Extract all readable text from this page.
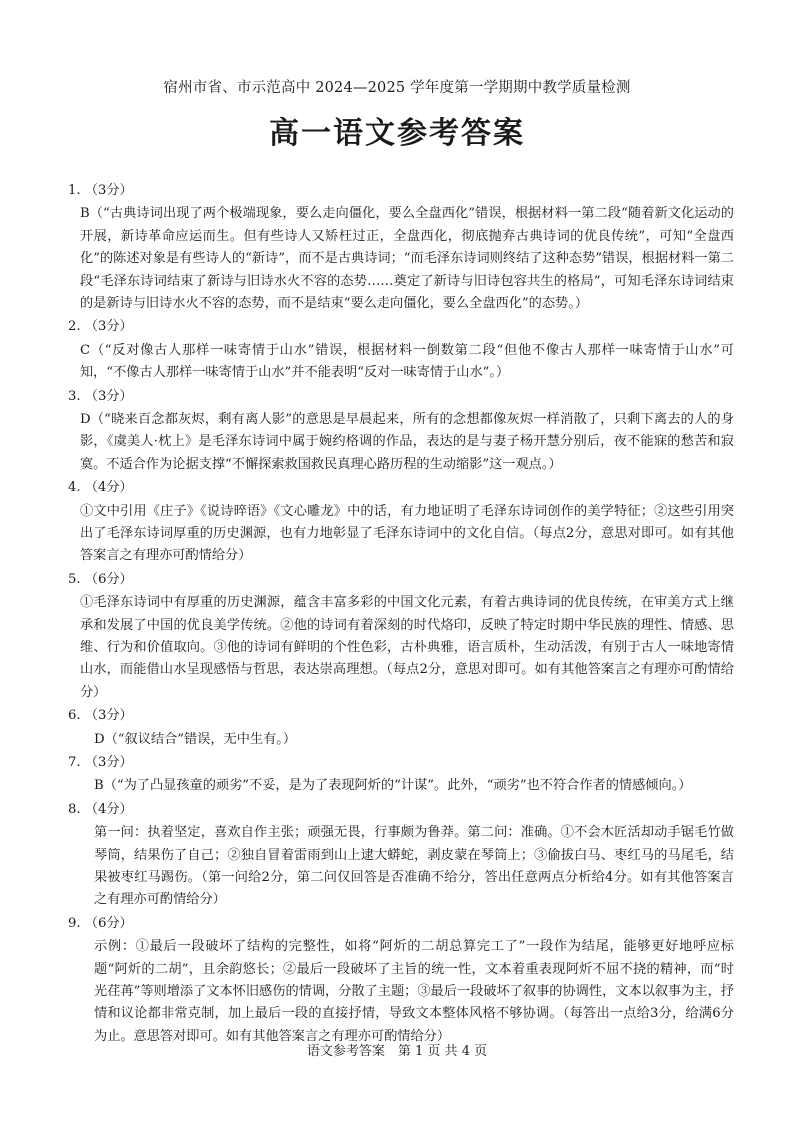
宿州市省、市示范高中 2024—2025 学年度第一学期期中教学质量检测
高一语文参考答案
1. （3分）
B（“古典诗词出现了两个极端现象，要么走向僵化，要么全盘西化”错误，根据材料一第二段“随着新文化运动的开展，新诗革命应运而生。但有些诗人又矫枉过正，全盘西化，彻底抛弃古典诗词的优良传统”，可知“全盘西化”的陈述对象是有些诗人的“新诗”，而不是古典诗词；“而毛泽东诗词则终结了这种态势”错误，根据材料一第二段“毛泽东诗词结束了新诗与旧诗水火不容的态势……奠定了新诗与旧诗包容共生的格局”，可知毛泽东诗词结束的是新诗与旧诗水火不容的态势，而不是结束“要么走向僵化，要么全盘西化”的态势。）
2. （3分）
C（“反对像古人那样一味寄情于山水”错误，根据材料一倒数第二段“但他不像古人那样一味寄情于山水”可知，“不像古人那样一味寄情于山水”并不能表明“反对一味寄情于山水”。）
3. （3分）
D（“晓来百念都灰烬，剩有离人影”的意思是早晨起来，所有的念想都像灰烬一样消散了，只剩下离去的人的身影，《虞美人·枕上》是毛泽东诗词中属于婉约格调的作品，表达的是与妻子杨开慧分别后，夜不能寐的愁苦和寂寞。不适合作为论据支撑“不懈探索救国救民真理心路历程的生动缩影”这一观点。）
4. （4分）
①文中引用《庄子》《说诗晬语》《文心雕龙》中的话，有力地证明了毛泽东诗词创作的美学特征；②这些引用突出了毛泽东诗词厚重的历史渊源，也有力地彰显了毛泽东诗词中的文化自信。（每点2分，意思对即可。如有其他答案言之有理亦可酌情给分）
5. （6分）
①毛泽东诗词中有厚重的历史渊源，蕴含丰富多彩的中国文化元素，有着古典诗词的优良传统，在审美方式上继承和发展了中国的优良美学传统。②他的诗词有着深刻的时代烙印，反映了特定时期中华民族的理性、情感、思维、行为和价值取向。③他的诗词有鲜明的个性色彩，古朴典雅，语言质朴，生动活泼，有别于古人一味地寄情山水，而能借山水呈现感悟与哲思，表达崇高理想。（每点2分，意思对即可。如有其他答案言之有理亦可酌情给分）
6. （3分）
D（“叙议结合”错误，无中生有。）
7. （3分）
B（“为了凸显孩童的顽劣”不妥，是为了表现阿炘的“计谋”。此外，“顽劣”也不符合作者的情感倾向。）
8. （4分）
第一问：执着坚定，喜欢自作主张；顽强无畏，行事颇为鲁莽。第二问：准确。①不会木匠活却动手锯毛竹做琴筒，结果伤了自己；②独自冒着雷雨到山上逮大蟒蛇，剥皮蒙在琴筒上；③偷拔白马、枣红马的马尾毛，结果被枣红马踢伤。（第一问给2分，第二问仅回答是否准确不给分，答出任意两点分析给4分。如有其他答案言之有理亦可酌情给分）
9. （6分）
示例：①最后一段破坏了结构的完整性，如将“阿炘的二胡总算完工了”一段作为结尾，能够更好地呼应标题“阿炘的二胡”，且余韵悠长；②最后一段破坏了主旨的统一性，文本着重表现阿炘不屈不挠的精神，而“时光荏苒”等则增添了文本怀旧感伤的情调，分散了主题；③最后一段破坏了叙事的协调性，文本以叙事为主，抒情和议论都非常克制，加上最后一段的直接抒情，导致文本整体风格不够协调。（每答出一点给3分，给满6分为止。意思答对即可。如有其他答案言之有理亦可酌情给分）
语文参考答案　第 1 页 共 4 页
